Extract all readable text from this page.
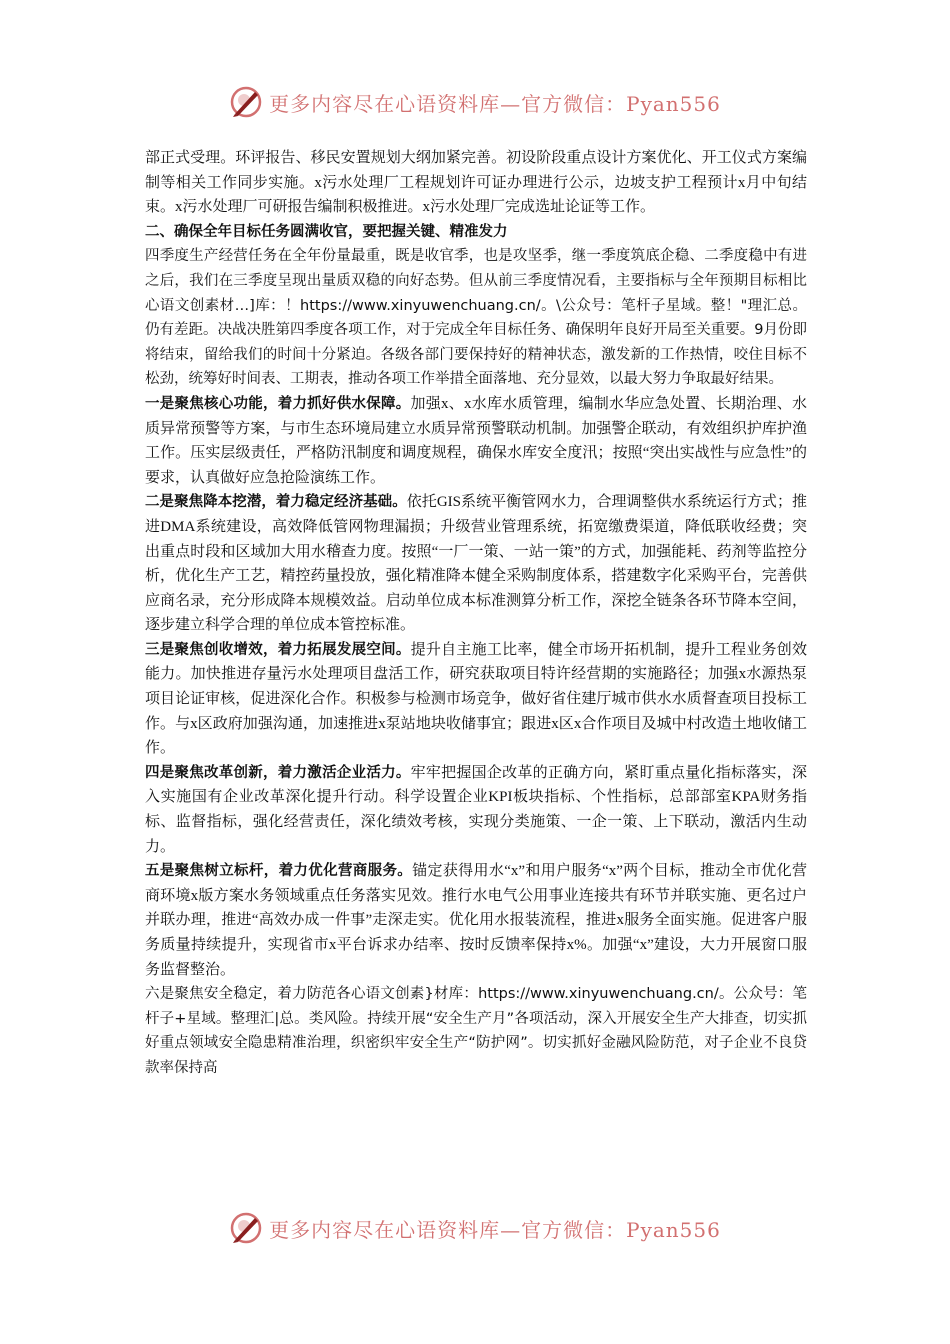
更多内容尽在心语资料库—官方微信：Pyan556

部正式受理。环评报告、移民安置规划大纲加紧完善。初设阶段重点设计方案优化、开工仪式方案编制等相关工作同步实施。x污水处理厂工程规划许可证办理进行公示，边坡支护工程预计x月中旬结束。x污水处理厂可研报告编制积极推进。x污水处理厂完成选址论证等工作。

二、确保全年目标任务圆满收官，要把握关键、精准发力

四季度生产经营任务在全年份量最重，既是收官季，也是攻坚季，继一季度筑底企稳、二季度稳中有进之后，我们在三季度呈现出量质双稳的向好态势。但从前三季度情况看，主要指标与全年预期目标相比心语文创素材…]库：！https://www.xinyuwenchuang.cn/。\公众号：笔杆子星域。整！"理汇总。仍有差距。决战决胜第四季度各项工作，对于完成全年目标任务、确保明年良好开局至关重要。9月份即将结束，留给我们的时间十分紧迫。各级各部门要保持好的精神状态，激发新的工作热情，咬住目标不松劲，统筹好时间表、工期表，推动各项工作举措全面落地、充分显效，以最大努力争取最好结果。

一是聚焦核心功能，着力抓好供水保障。加强x、x水库水质管理，编制水华应急处置、长期治理、水质异常预警等方案，与市生态环境局建立水质异常预警联动机制。加强警企联动，有效组织护库护渔工作。压实层级责任，严格防汛制度和调度规程，确保水库安全度汛；按照“突出实战性与应急性”的要求，认真做好应急抢险演练工作。

二是聚焦降本挖潜，着力稳定经济基础。依托GIS系统平衡管网水力，合理调整供水系统运行方式；推进DMA系统建设，高效降低管网物理漏损；升级营业管理系统，拓宽缴费渠道，降低联收经费；突出重点时段和区域加大用水稽查力度。按照“一厂一策、一站一策”的方式，加强能耗、药剂等监控分析，优化生产工艺，精控药量投放，强化精准降本健全采购制度体系，搭建数字化采购平台，完善供应商名录，充分形成降本规模效益。启动单位成本标准测算分析工作，深挖全链条各环节降本空间，逐步建立科学合理的单位成本管控标准。

三是聚焦创收增效，着力拓展发展空间。提升自主施工比率，健全市场开拓机制，提升工程业务创效能力。加快推进存量污水处理项目盘活工作，研究获取项目特许经营期的实施路径；加强x水源热泵项目论证审核，促进深化合作。积极参与检测市场竞争，做好省住建厅城市供水水质督查项目投标工作。与x区政府加强沟通，加速推进x泵站地块收储事宜；跟进x区x合作项目及城中村改造土地收储工作。

四是聚焦改革创新，着力激活企业活力。牢牢把握国企改革的正确方向，紧盯重点量化指标落实，深入实施国有企业改革深化提升行动。科学设置企业KPI板块指标、个性指标，总部部室KPA财务指标、监督指标，强化经营责任，深化绩效考核，实现分类施策、一企一策、上下联动，激活内生动力。

五是聚焦树立标杆，着力优化营商服务。锚定获得用水“x”和用户服务“x”两个目标，推动全市优化营商环境x版方案水务领域重点任务落实见效。推行水电气公用事业连接共有环节并联实施、更名过户并联办理，推进“高效办成一件事”走深走实。优化用水报装流程，推进x服务全面实施。促进客户服务质量持续提升，实现省市x平台诉求办结率、按时反馈率保持x%。加强“x”建设，大力开展窗口服务监督整治。

六是聚焦安全稳定，着力防范各心语文创素}材库：https://www.xinyuwenchuang.cn/。公众号：笔杆子+星域。整理汇|总。类风险。持续开展“安全生产月”各项活动，深入开展安全生产大排查，切实抓好重点领域安全隐患精准治理，织密织牢安全生产“防护网”。切实抓好金融风险防范，对子企业不良贷款率保持高

更多内容尽在心语资料库—官方微信：Pyan556
